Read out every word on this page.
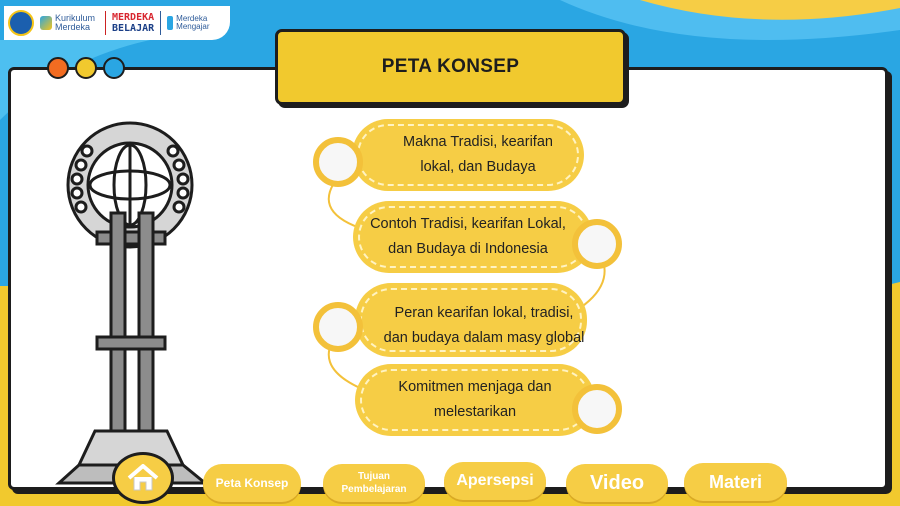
Kurikulum Merdeka
MERDEKA
BELAJAR
Merdeka Mengajar
PETA KONSEP
Makna Tradisi, kearifan lokal, dan Budaya
Contoh Tradisi, kearifan Lokal, dan Budaya di Indonesia
Peran kearifan lokal, tradisi, dan budaya dalam masy global
Komitmen menjaga dan melestarikan
Peta Konsep	Tujuan Pembelajaran
Apersepsi	Video	Materi
